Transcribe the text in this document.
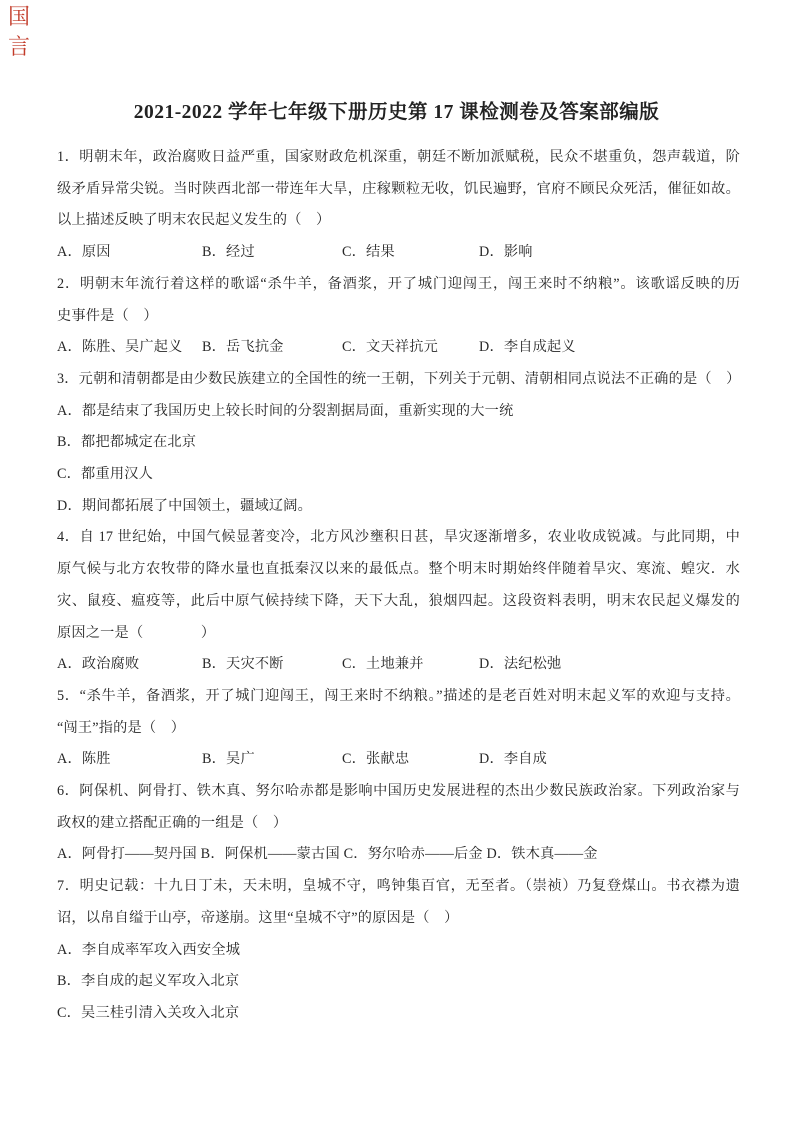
国
言
2021-2022 学年七年级下册历史第 17 课检测卷及答案部编版
1．明朝末年，政治腐败日益严重，国家财政危机深重，朝廷不断加派赋税，民众不堪重负，怨声载道，阶
级矛盾异常尖锐。当时陕西北部一带连年大旱，庄稼颗粒无收，饥民遍野，官府不顾民众死活，催征如故。
以上描述反映了明末农民起义发生的（　）
A．原因	B．经过	C．结果	D．影响
2．明朝末年流行着这样的歌谣“杀牛羊，备酒浆，开了城门迎闯王，闯王来时不纳粮”。该歌谣反映的历
史事件是（　）
A．陈胜、吴广起义	B．岳飞抗金	C．文天祥抗元	D．李自成起义
3．元朝和清朝都是由少数民族建立的全国性的统一王朝，下列关于元朝、清朝相同点说法不正确的是（　）
A．都是结束了我国历史上较长时间的分裂割据局面，重新实现的大一统
B．都把都城定在北京
C．都重用汉人
D．期间都拓展了中国领土，疆域辽阔。
4．自 17 世纪始，中国气候显著变冷，北方风沙壅积日甚，旱灾逐渐增多，农业收成锐减。与此同期，中
原气候与北方农牧带的降水量也直抵秦汉以来的最低点。整个明末时期始终伴随着旱灾、寒流、蝗灾．水
灾、鼠疫、瘟疫等，此后中原气候持续下降，天下大乱，狼烟四起。这段资料表明，明末农民起义爆发的
原因之一是（　　　　）
A．政治腐败	B．天灾不断	C．土地兼并	D．法纪松弛
5．“杀牛羊，备酒浆，开了城门迎闯王，闯王来时不纳粮。”描述的是老百姓对明末起义军的欢迎与支持。
“闯王”指的是（　）
A．陈胜	B．吴广	C．张献忠	D．李自成
6．阿保机、阿骨打、铁木真、努尔哈赤都是影响中国历史发展进程的杰出少数民族政治家。下列政治家与
政权的建立搭配正确的一组是（　）
A．阿骨打——契丹国 B．阿保机——蒙古国 C．努尔哈赤——后金 D．铁木真——金
7．明史记载：十九日丁未，天未明，皇城不守，鸣钟集百官，无至者。（崇祯）乃复登煤山。书衣襟为遗
诏，以帛自缢于山亭，帝遂崩。这里“皇城不守”的原因是（　）
A．李自成率军攻入西安全城
B．李自成的起义军攻入北京
C．吴三桂引清入关攻入北京
